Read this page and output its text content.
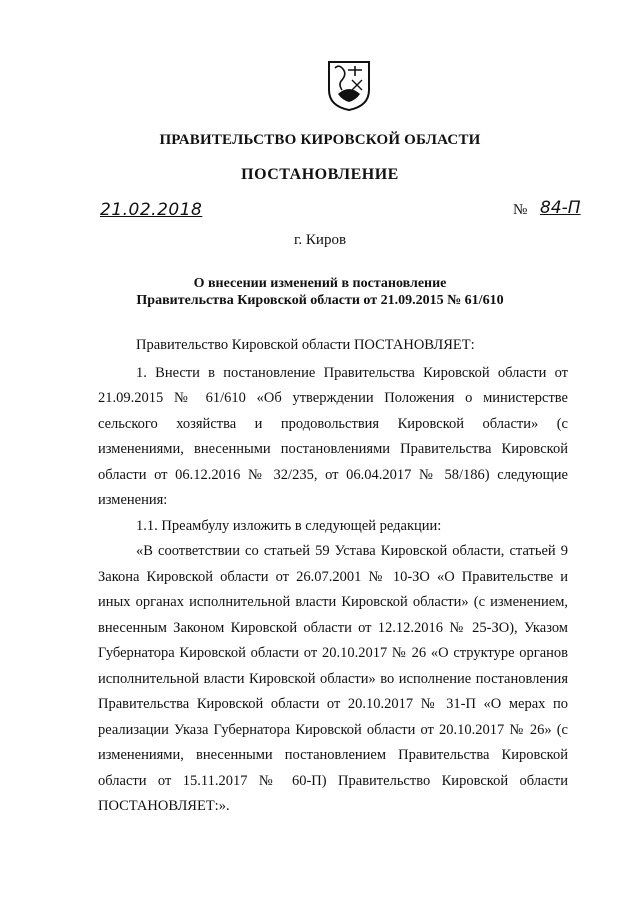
ПРАВИТЕЛЬСТВО КИРОВСКОЙ ОБЛАСТИ
ПОСТАНОВЛЕНИЕ
21.02.2018	№ 84-П
г. Киров
О внесении изменений в постановление
Правительства Кировской области от 21.09.2015 № 61/610

Правительство Кировской области ПОСТАНОВЛЯЕТ:

1. Внести в постановление Правительства Кировской области от 21.09.2015 № 61/610 «Об утверждении Положения о министерстве сельского хозяйства и продовольствия Кировской области» (с изменениями, внесенными постановлениями Правительства Кировской области от 06.12.2016 № 32/235, от 06.04.2017 № 58/186) следующие изменения:

1.1. Преамбулу изложить в следующей редакции:

«В соответствии со статьей 59 Устава Кировской области, статьей 9 Закона Кировской области от 26.07.2001 № 10-ЗО «О Правительстве и иных органах исполнительной власти Кировской области» (с изменением, внесенным Законом Кировской области от 12.12.2016 № 25-ЗО), Указом Губернатора Кировской области от 20.10.2017 № 26 «О структуре органов исполнительной власти Кировской области» во исполнение постановления Правительства Кировской области от 20.10.2017 № 31-П «О мерах по реализации Указа Губернатора Кировской области от 20.10.2017 № 26» (с изменениями, внесенными постановлением Правительства Кировской области от 15.11.2017 № 60-П) Правительство Кировской области ПОСТАНОВЛЯЕТ:».
